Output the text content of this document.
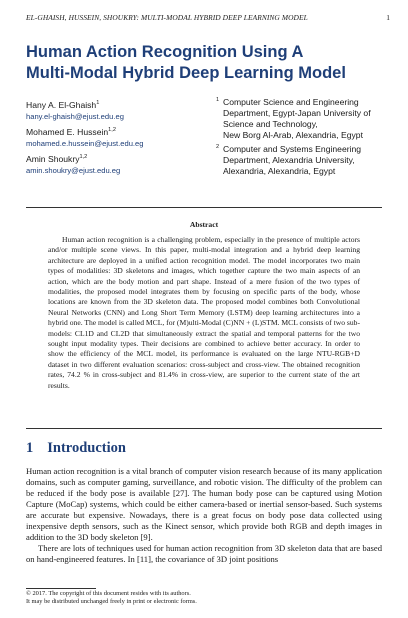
EL-GHAISH, HUSSEIN, SHOUKRY: MULTI-MODAL HYBRID DEEP LEARNING MODEL	1
Human Action Recognition Using A
Multi-Modal Hybrid Deep Learning Model
Hany A. El-Ghaish$^1$
hany.el-ghaish@ejust.edu.eg
Mohamed E. Hussein$^{1,2}$
mohamed.e.hussein@ejust.edu.eg
Amin Shoukry$^{1,2}$
amin.shoukry@ejust.edu.eg
1 Computer Science and Engineering
Department, Egypt-Japan University of
Science and Technology,
New Borg Al-Arab, Alexandria, Egypt
2 Computer and Systems Engineering
Department, Alexandria University,
Alexandria, Alexandria, Egypt
Abstract
Human action recognition is a challenging problem, especially in the presence of multiple actors and/or multiple scene views. In this paper, multi-modal integration and a hybrid deep learning architecture are deployed in a unified action recognition model. The model incorporates two main types of modalities: 3D skeletons and images, which together capture the two main aspects of an action, which are the body motion and part shape. Instead of a mere fusion of the two types of modalities, the proposed model integrates them by focusing on specific parts of the body, whose locations are known from the 3D skeleton data. The proposed model combines both Convolutional Neural Networks (CNN) and Long Short Term Memory (LSTM) deep learning architectures into a hybrid one. The model is called MCL, for (M)ulti-Modal (C)NN + (L)STM. MCL consists of two sub-models: CL1D and CL2D that simultaneously extract the spatial and temporal patterns for the two sought input modality types. Their decisions are combined to achieve better accuracy. In order to show the efficiency of the MCL model, its performance is evaluated on the large NTU-RGB+D dataset in two different evaluation scenarios: cross-subject and cross-view. The obtained recognition rates, 74.2 % in cross-subject and 81.4% in cross-view, are superior to the current state of the art results.
1 Introduction

Human action recognition is a vital branch of computer vision research because of its many application domains, such as computer gaming, surveillance, and robotic vision. The difficulty of the problem can be reduced if the body pose is available [27]. The human body pose can be captured using Motion Capture (MoCap) systems, which could be either camera-based or inertial sensor-based. Such systems are accurate but expensive. Nowadays, there is a great focus on body pose data collected using inexpensive depth sensors, such as the Kinect sensor, which provide both RGB and depth images in addition to the 3D body skeleton [9].

There are lots of techniques used for human action recognition from 3D skeleton data that are based on hand-engineered features. In [11], the covariance of 3D joint positions

© 2017. The copyright of this document resides with its authors.
It may be distributed unchanged freely in print or electronic forms.
